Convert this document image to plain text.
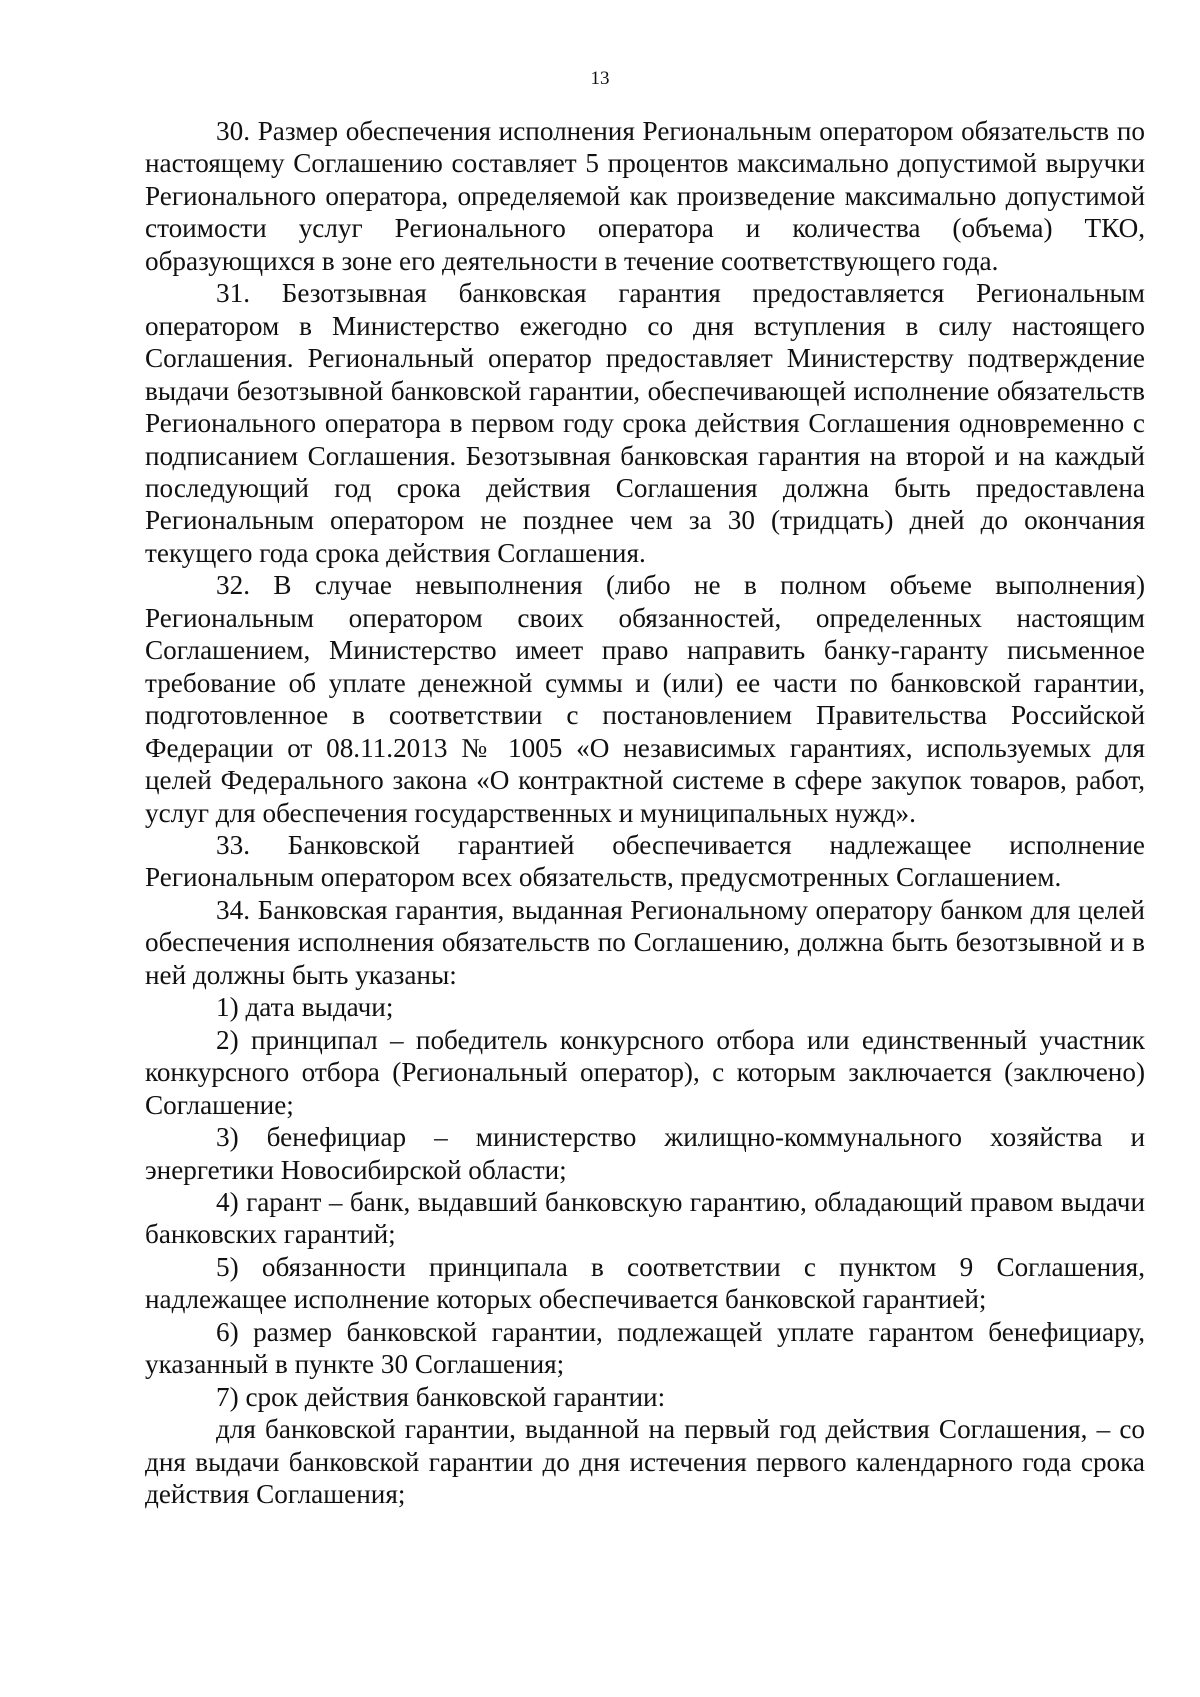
13

30. Размер обеспечения исполнения Региональным оператором обязательств по настоящему Соглашению составляет 5 процентов максимально допустимой выручки Регионального оператора, определяемой как произведение максимально допустимой стоимости услуг Регионального оператора и количества (объема) ТКО, образующихся в зоне его деятельности в течение соответствующего года.

31. Безотзывная банковская гарантия предоставляется Региональным оператором в Министерство ежегодно со дня вступления в силу настоящего Соглашения. Региональный оператор предоставляет Министерству подтверждение выдачи безотзывной банковской гарантии, обеспечивающей исполнение обязательств Регионального оператора в первом году срока действия Соглашения одновременно с подписанием Соглашения. Безотзывная банковская гарантия на второй и на каждый последующий год срока действия Соглашения должна быть предоставлена Региональным оператором не позднее чем за 30 (тридцать) дней до окончания текущего года срока действия Соглашения.

32. В случае невыполнения (либо не в полном объеме выполнения) Региональным оператором своих обязанностей, определенных настоящим Соглашением, Министерство имеет право направить банку-гаранту письменное требование об уплате денежной суммы и (или) ее части по банковской гарантии, подготовленное в соответствии с постановлением Правительства Российской Федерации от 08.11.2013 № 1005 «О независимых гарантиях, используемых для целей Федерального закона «О контрактной системе в сфере закупок товаров, работ, услуг для обеспечения государственных и муниципальных нужд».

33. Банковской гарантией обеспечивается надлежащее исполнение Региональным оператором всех обязательств, предусмотренных Соглашением.

34. Банковская гарантия, выданная Региональному оператору банком для целей обеспечения исполнения обязательств по Соглашению, должна быть безотзывной и в ней должны быть указаны:

1) дата выдачи;

2) принципал – победитель конкурсного отбора или единственный участник конкурсного отбора (Региональный оператор), с которым заключается (заключено) Соглашение;

3) бенефициар – министерство жилищно-коммунального хозяйства и энергетики Новосибирской области;

4) гарант – банк, выдавший банковскую гарантию, обладающий правом выдачи банковских гарантий;

5) обязанности принципала в соответствии с пунктом 9 Соглашения, надлежащее исполнение которых обеспечивается банковской гарантией;

6) размер банковской гарантии, подлежащей уплате гарантом бенефициару, указанный в пункте 30 Соглашения;

7) срок действия банковской гарантии:

для банковской гарантии, выданной на первый год действия Соглашения, – со дня выдачи банковской гарантии до дня истечения первого календарного года срока действия Соглашения;
